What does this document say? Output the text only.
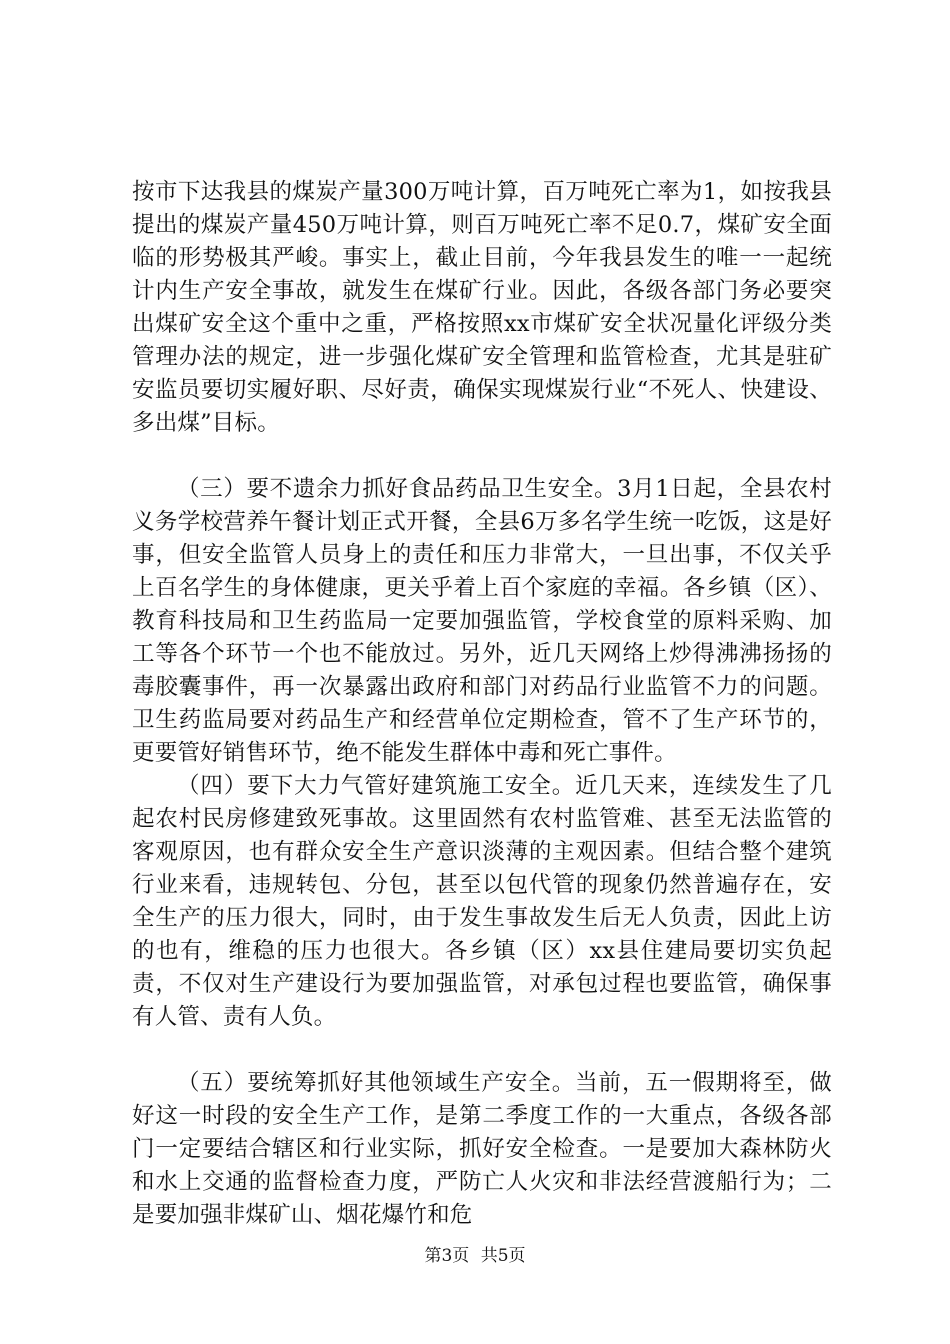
按市下达我县的煤炭产量300万吨计算，百万吨死亡率为1，如按我县提出的煤炭产量450万吨计算，则百万吨死亡率不足0.7，煤矿安全面临的形势极其严峻。事实上，截止目前，今年我县发生的唯一一起统计内生产安全事故，就发生在煤矿行业。因此，各级各部门务必要突出煤矿安全这个重中之重，严格按照xx市煤矿安全状况量化评级分类管理办法的规定，进一步强化煤矿安全管理和监管检查，尤其是驻矿安监员要切实履好职、尽好责，确保实现煤炭行业“不死人、快建设、多出煤”目标。

（三）要不遗余力抓好食品药品卫生安全。3月1日起，全县农村义务学校营养午餐计划正式开餐，全县6万多名学生统一吃饭，这是好事，但安全监管人员身上的责任和压力非常大，一旦出事，不仅关乎上百名学生的身体健康，更关乎着上百个家庭的幸福。各乡镇（区）、教育科技局和卫生药监局一定要加强监管，学校食堂的原料采购、加工等各个环节一个也不能放过。另外，近几天网络上炒得沸沸扬扬的毒胶囊事件，再一次暴露出政府和部门对药品行业监管不力的问题。卫生药监局要对药品生产和经营单位定期检查，管不了生产环节的，更要管好销售环节，绝不能发生群体中毒和死亡事件。

（四）要下大力气管好建筑施工安全。近几天来，连续发生了几起农村民房修建致死事故。这里固然有农村监管难、甚至无法监管的客观原因，也有群众安全生产意识淡薄的主观因素。但结合整个建筑行业来看，违规转包、分包，甚至以包代管的现象仍然普遍存在，安全生产的压力很大，同时，由于发生事故发生后无人负责，因此上访的也有，维稳的压力也很大。各乡镇（区）xx县住建局要切实负起责，不仅对生产建设行为要加强监管，对承包过程也要监管，确保事有人管、责有人负。

（五）要统筹抓好其他领域生产安全。当前，五一假期将至，做好这一时段的安全生产工作，是第二季度工作的一大重点，各级各部门一定要结合辖区和行业实际，抓好安全检查。一是要加大森林防火和水上交通的监督检查力度，严防亡人火灾和非法经营渡船行为；二是要加强非煤矿山、烟花爆竹和危

第3页 共5页
